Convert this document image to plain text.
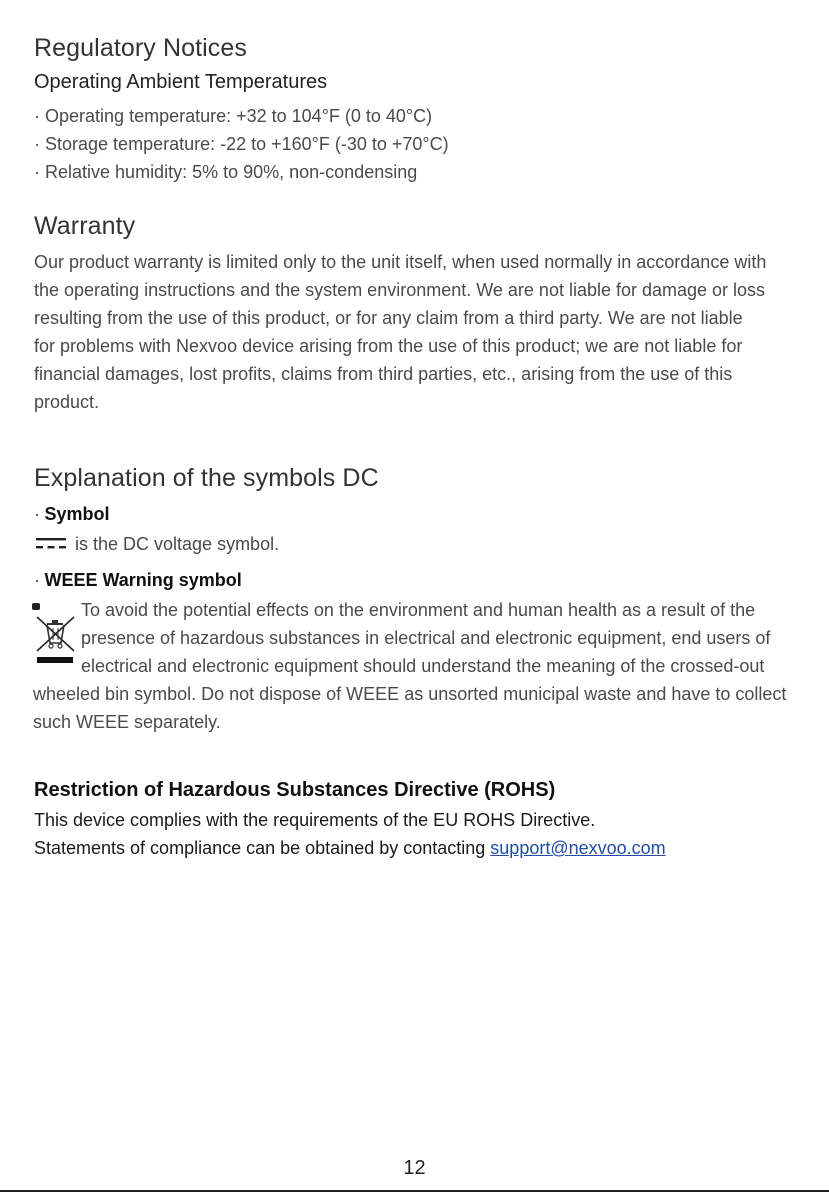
Regulatory Notices
Operating Ambient Temperatures
· Operating temperature: +32 to 104°F (0 to 40°C)
· Storage temperature: -22 to +160°F (-30 to +70°C)
· Relative humidity: 5% to 90%, non-condensing
Warranty
Our product warranty is limited only to the unit itself, when used normally in accordance with
the operating instructions and the system environment. We are not liable for damage or loss
resulting from the use of this product, or for any claim from a third party. We are not liable
for problems with Nexvoo device arising from the use of this product; we are not liable for
financial damages, lost profits, claims from third parties, etc., arising from the use of this
product.
Explanation of the symbols DC
· Symbol
is the DC voltage symbol.
· WEEE Warning symbol
To avoid the potential effects on the environment and human health as a result of the
presence of hazardous substances in electrical and electronic equipment, end users of
electrical and electronic equipment should understand the meaning of the crossed-out
wheeled bin symbol. Do not dispose of WEEE as unsorted municipal waste and have to collect
such WEEE separately.
Restriction of Hazardous Substances Directive (ROHS)
This device complies with the requirements of the EU ROHS Directive.
Statements of compliance can be obtained by contacting support@nexvoo.com
12
